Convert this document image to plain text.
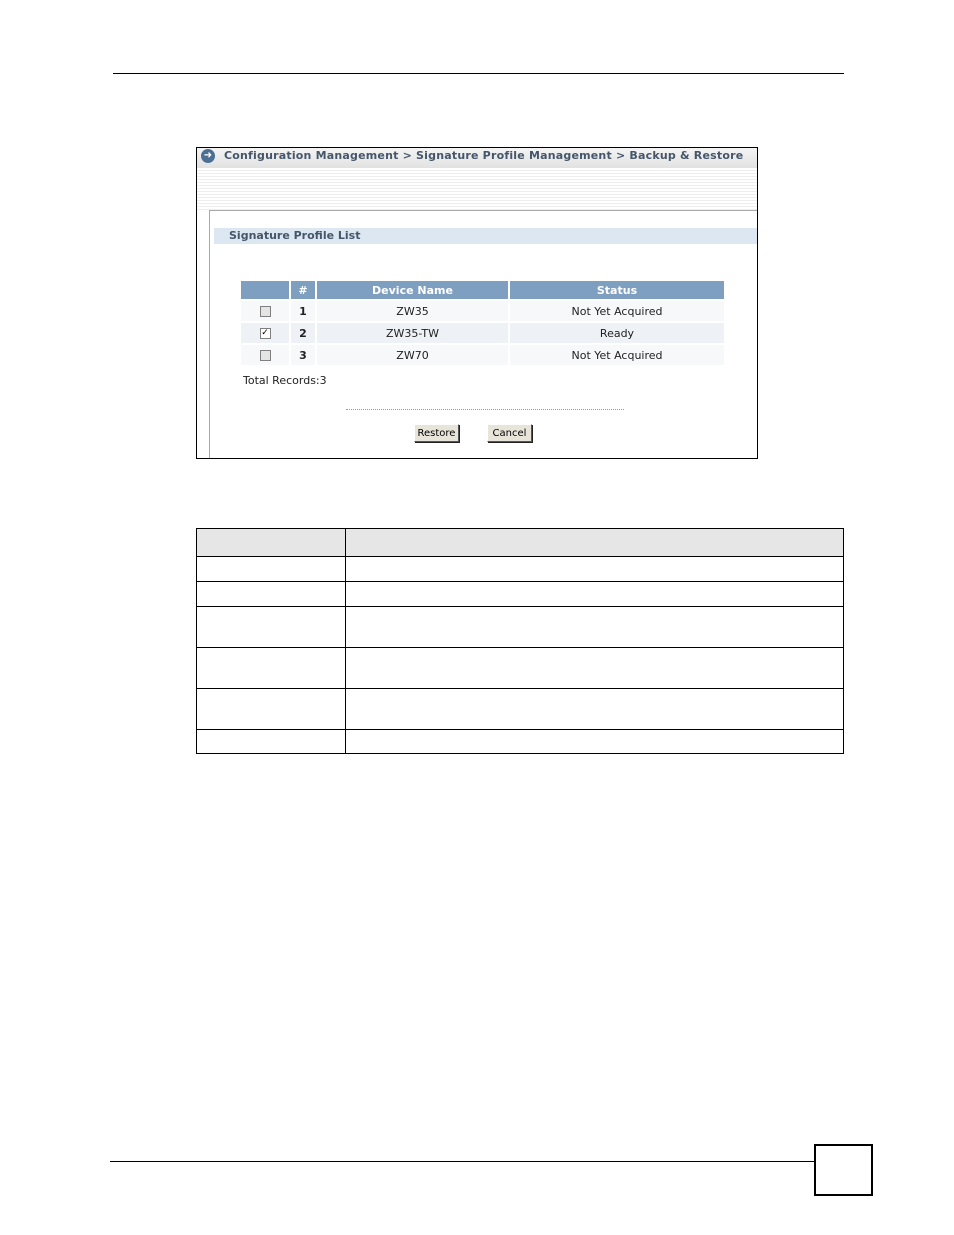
➜ Configuration Management > Signature Profile Management > Backup & Restore
Signature Profile List
	#	Device Name	Status
	1	ZW35	Not Yet Acquired
✓	2	ZW35-TW	Ready
	3	ZW70	Not Yet Acquired
Total Records:3
Restore	Cancel
